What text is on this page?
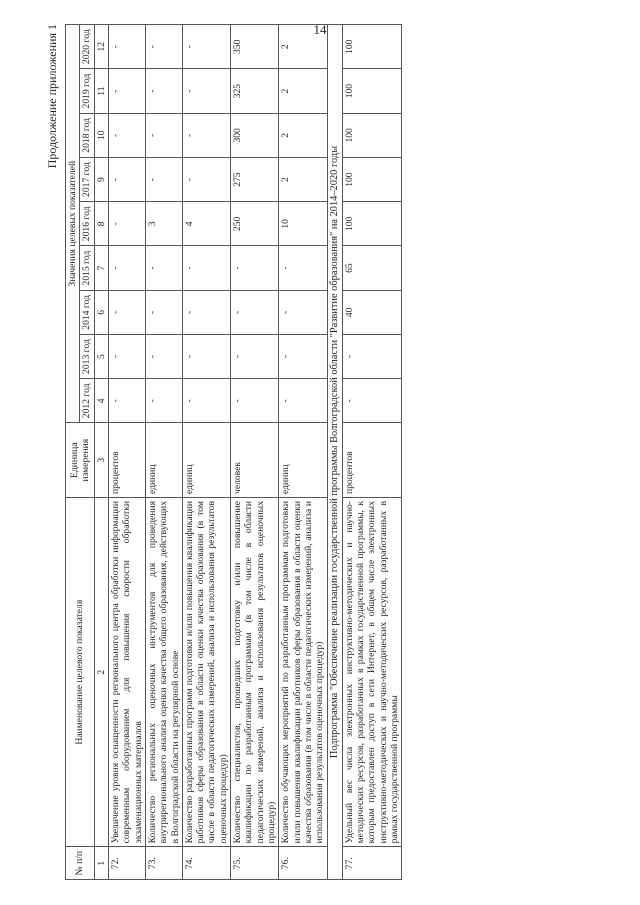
14
Продолжение приложения 1
№ п/п	Наименование целевого показателя	Единица измерения	Значения целевых показателей								
			2012 год	2013 год	2014 год	2015 год	2016 год	2017 год	2018 год	2019 год	2020 год
1	2	3	4	5	6	7	8	9	10	11	12
72.	Увеличение уровня оснащенности регионального центра обработки информации современным оборудованием для повышения скорости обработки экзаменационных материалов	процентов	-	-	-	-	-	-	-	-	-
73.	Количество региональных оценочных инструментов для проведения внутрирегионального анализа оценки качества общего образования, действующих в Волгоградской области на регулярной основе	единиц	-	-	-	-	3	-	-	-	-
74.	Количество разработанных программ подготовки и/или повышения квалификации работников сферы образования в области оценки качества образования (в том числе в области педагогических измерений, анализа и использования результатов оценочных процедур)	единиц	-	-	-	-	4	-	-	-	-
75.	Количество специалистов, прошедших подготовку и/или повышение квалификации по разработанным программам (в том числе в области педагогических измерений, анализа и использования результатов оценочных процедур)	человек	-	-	-	-	250	275	300	325	350
76.	Количество обучающих мероприятий по разработанным программам подготовки и/или повышения квалификации работников сферы образования в области оценки качества образования (в том числе в области педагогических измерений, анализа и использования результатов оценочных процедур)	единиц	-	-	-	-	10	2	2	2	2
Подпрограмма "Обеспечение реализации государственной программы Волгоградской области "Развитие образования" на 2014–2020 годы											
77.	Удельный вес числа электронных инструктивно-методических и научно-методических ресурсов, разработанных в рамках государственной программы, к которым предоставлен доступ в сети Интернет, в общем числе электронных инструктивно-методических и научно-методических ресурсов, разработанных в рамках государственной программы	процентов	-	-	40	65	100	100	100	100	100
